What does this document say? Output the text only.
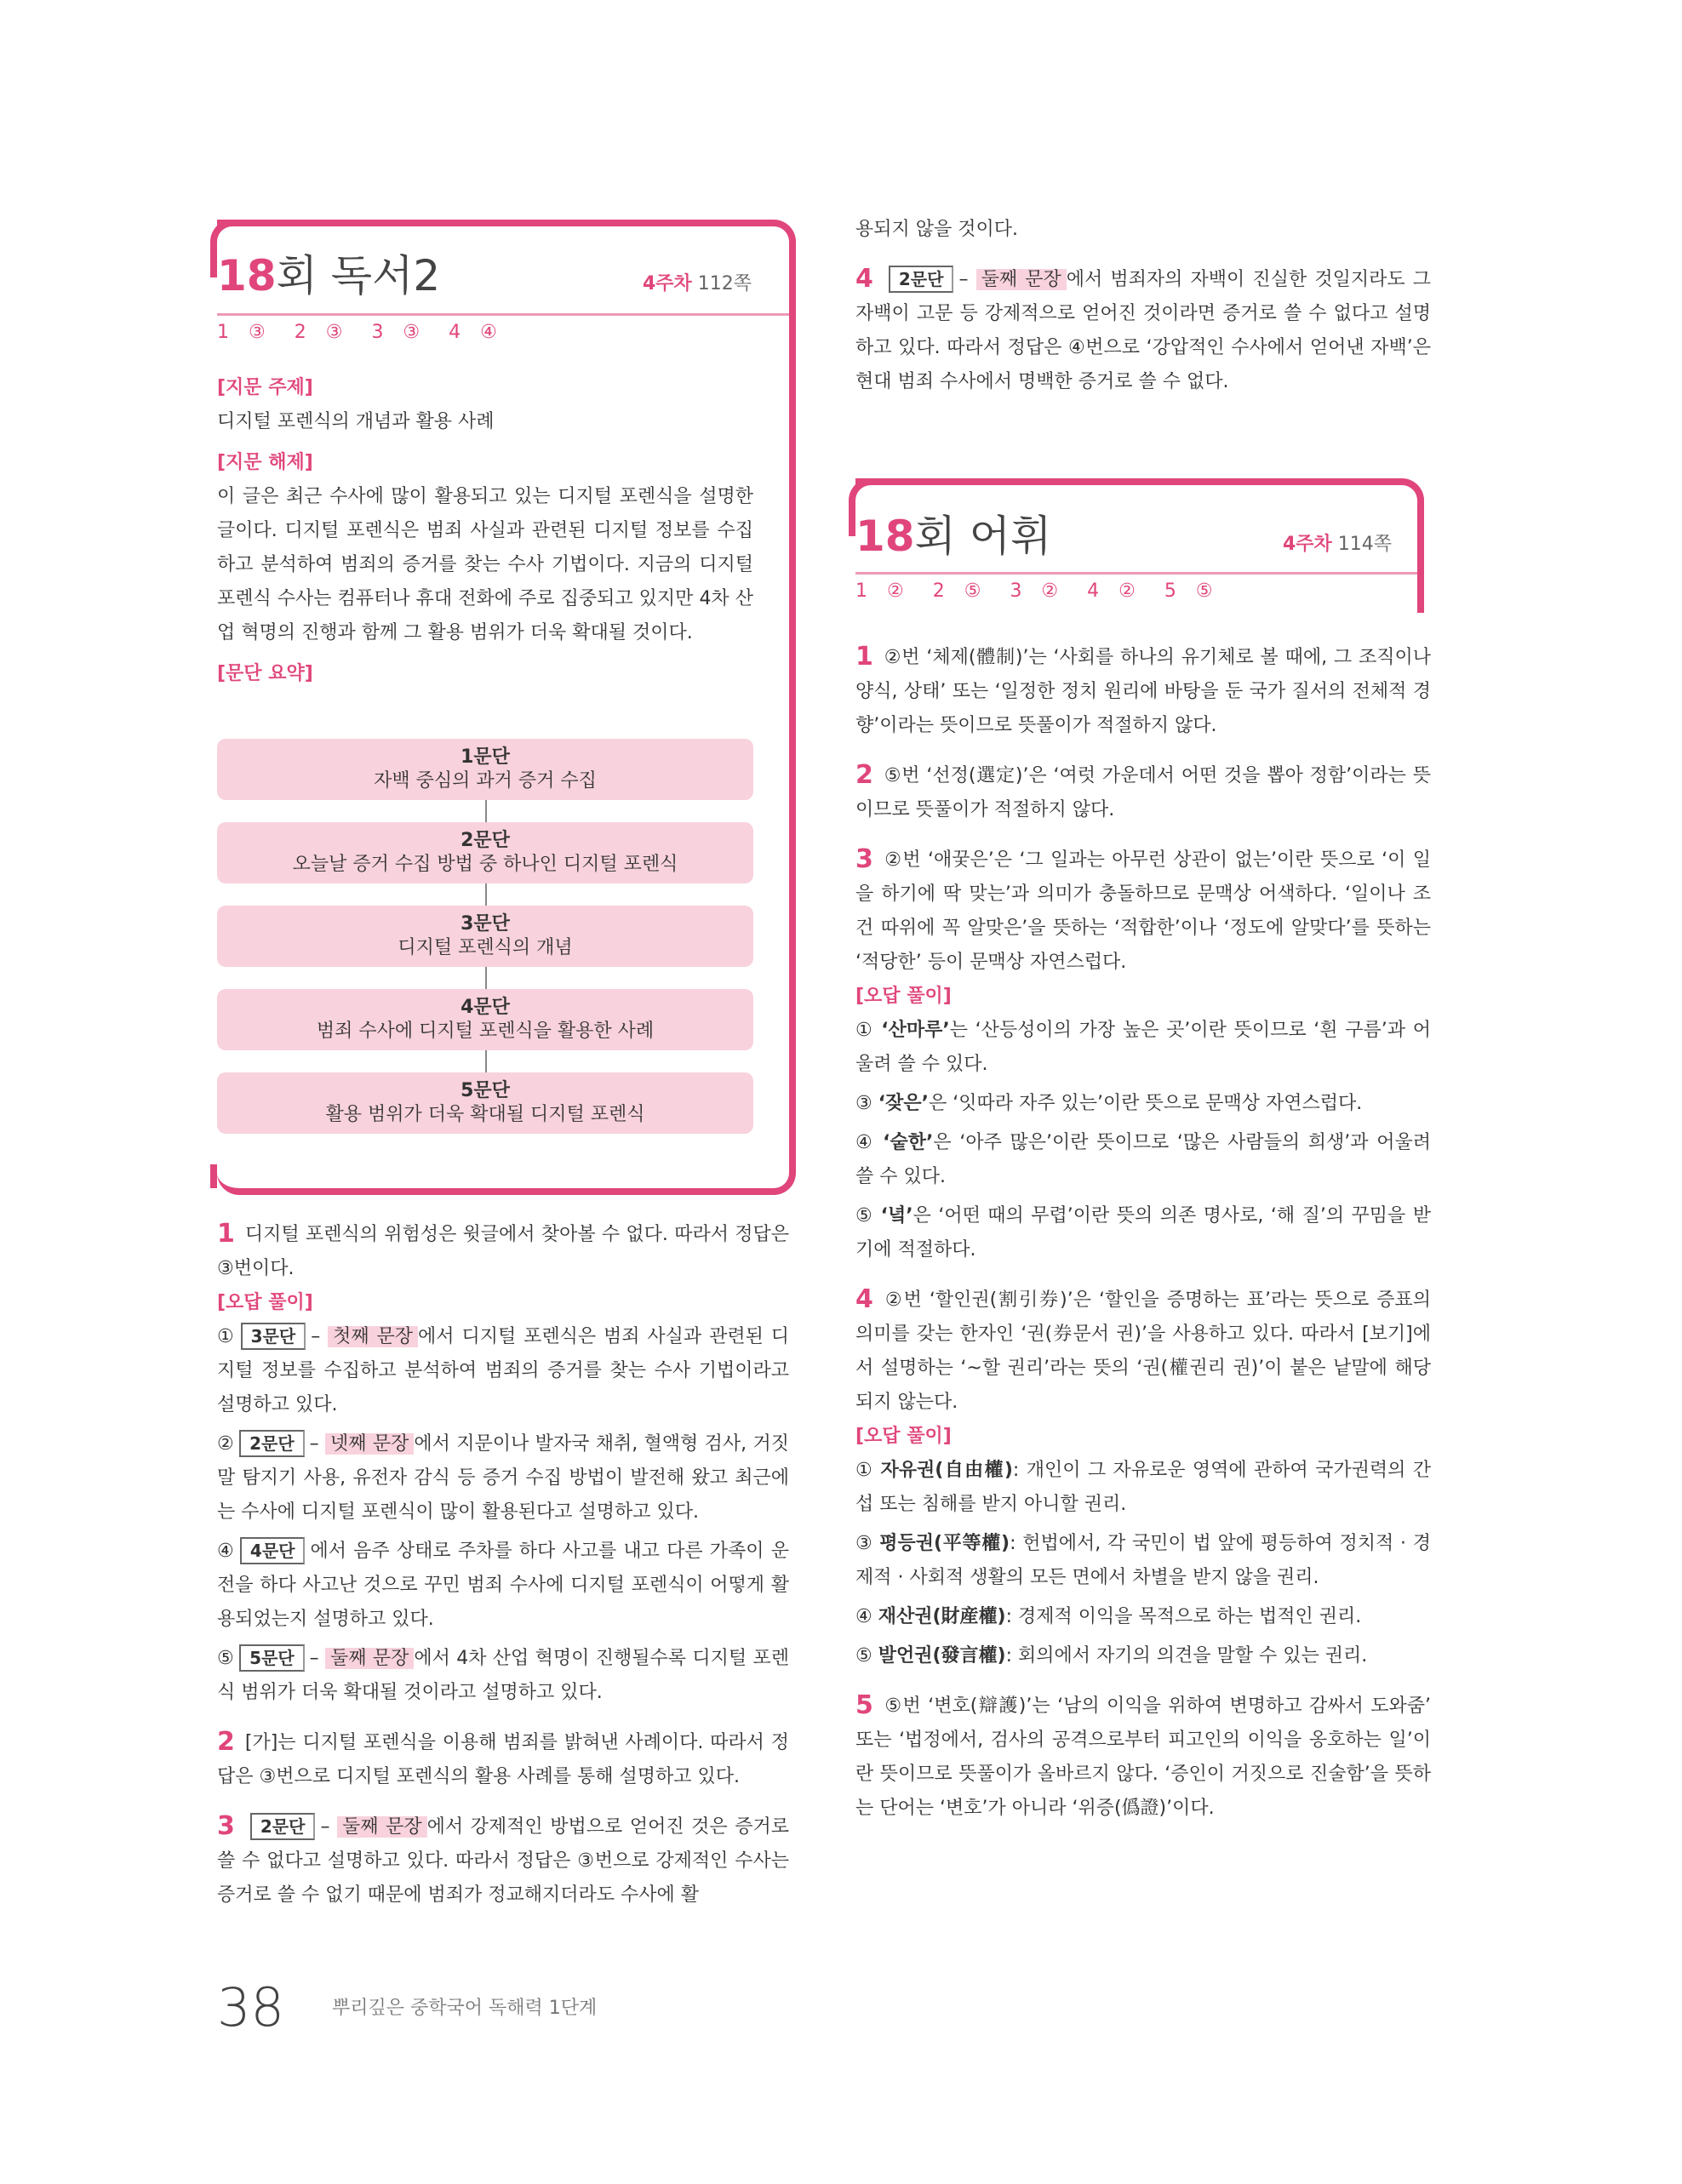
18회 독서2	4주차 112쪽
1 ③ 2 ③ 3 ③ 4 ④
[지문 주제]

디지털 포렌식의 개념과 활용 사례

[지문 해제]

이 글은 최근 수사에 많이 활용되고 있는 디지털 포렌식을 설명한 글이다. 디지털 포렌식은 범죄 사실과 관련된 디지털 정보를 수집하고 분석하여 범죄의 증거를 찾는 수사 기법이다. 지금의 디지털 포렌식 수사는 컴퓨터나 휴대 전화에 주로 집중되고 있지만 4차 산업 혁명의 진행과 함께 그 활용 범위가 더욱 확대될 것이다.

[문단 요약]
1문단
자백 중심의 과거 증거 수집
2문단
오늘날 증거 수집 방법 중 하나인 디지털 포렌식
3문단
디지털 포렌식의 개념
4문단
범죄 수사에 디지털 포렌식을 활용한 사례
5문단
활용 범위가 더욱 확대될 디지털 포렌식

1 디지털 포렌식의 위험성은 윗글에서 찾아볼 수 없다. 따라서 정답은 ③번이다.

[오답 풀이]

① 3문단 – 첫째 문장 에서 디지털 포렌식은 범죄 사실과 관련된 디지털 정보를 수집하고 분석하여 범죄의 증거를 찾는 수사 기법이라고 설명하고 있다.

② 2문단 – 넷째 문장 에서 지문이나 발자국 채취, 혈액형 검사, 거짓말 탐지기 사용, 유전자 감식 등 증거 수집 방법이 발전해 왔고 최근에는 수사에 디지털 포렌식이 많이 활용된다고 설명하고 있다.

④ 4문단 에서 음주 상태로 주차를 하다 사고를 내고 다른 가족이 운전을 하다 사고난 것으로 꾸민 범죄 수사에 디지털 포렌식이 어떻게 활용되었는지 설명하고 있다.

⑤ 5문단 – 둘째 문장 에서 4차 산업 혁명이 진행될수록 디지털 포렌식 범위가 더욱 확대될 것이라고 설명하고 있다.

2 [가]는 디지털 포렌식을 이용해 범죄를 밝혀낸 사례이다. 따라서 정답은 ③번으로 디지털 포렌식의 활용 사례를 통해 설명하고 있다.

3 2문단 – 둘째 문장 에서 강제적인 방법으로 얻어진 것은 증거로 쓸 수 없다고 설명하고 있다. 따라서 정답은 ③번으로 강제적인 수사는 증거로 쓸 수 없기 때문에 범죄가 정교해지더라도 수사에 활

용되지 않을 것이다.

4 2문단 – 둘째 문장 에서 범죄자의 자백이 진실한 것일지라도 그 자백이 고문 등 강제적으로 얻어진 것이라면 증거로 쓸 수 없다고 설명하고 있다. 따라서 정답은 ④번으로 ‘강압적인 수사에서 얻어낸 자백’은 현대 범죄 수사에서 명백한 증거로 쓸 수 없다.

18회 어휘	4주차 114쪽
1 ② 2 ⑤ 3 ② 4 ② 5 ⑤

1 ②번 ‘체제(體制)’는 ‘사회를 하나의 유기체로 볼 때에, 그 조직이나 양식, 상태’ 또는 ‘일정한 정치 원리에 바탕을 둔 국가 질서의 전체적 경향’이라는 뜻이므로 뜻풀이가 적절하지 않다.

2 ⑤번 ‘선정(選定)’은 ‘여럿 가운데서 어떤 것을 뽑아 정함’이라는 뜻이므로 뜻풀이가 적절하지 않다.

3 ②번 ‘애꿎은’은 ‘그 일과는 아무런 상관이 없는’이란 뜻으로 ‘이 일을 하기에 딱 맞는’과 의미가 충돌하므로 문맥상 어색하다. ‘일이나 조건 따위에 꼭 알맞은’을 뜻하는 ‘적합한’이나 ‘정도에 알맞다’를 뜻하는 ‘적당한’ 등이 문맥상 자연스럽다.

[오답 풀이]

① ‘산마루’는 ‘산등성이의 가장 높은 곳’이란 뜻이므로 ‘흰 구름’과 어울려 쓸 수 있다.

③ ‘잦은’은 ‘잇따라 자주 있는’이란 뜻으로 문맥상 자연스럽다.

④ ‘숱한’은 ‘아주 많은’이란 뜻이므로 ‘많은 사람들의 희생’과 어울려 쓸 수 있다.

⑤ ‘녘’은 ‘어떤 때의 무렵’이란 뜻의 의존 명사로, ‘해 질’의 꾸밈을 받기에 적절하다.

4 ②번 ‘할인권(割引券)’은 ‘할인을 증명하는 표’라는 뜻으로 증표의 의미를 갖는 한자인 ‘권(券문서 권)’을 사용하고 있다. 따라서 [보기]에서 설명하는 ‘~할 권리’라는 뜻의 ‘권(權권리 권)’이 붙은 낱말에 해당되지 않는다.

[오답 풀이]

① 자유권(自由權): 개인이 그 자유로운 영역에 관하여 국가권력의 간섭 또는 침해를 받지 아니할 권리.

③ 평등권(平等權): 헌법에서, 각 국민이 법 앞에 평등하여 정치적 · 경제적 · 사회적 생활의 모든 면에서 차별을 받지 않을 권리.

④ 재산권(財産權): 경제적 이익을 목적으로 하는 법적인 권리.

⑤ 발언권(發言權): 회의에서 자기의 의견을 말할 수 있는 권리.

5 ⑤번 ‘변호(辯護)’는 ‘남의 이익을 위하여 변명하고 감싸서 도와줌’ 또는 ‘법정에서, 검사의 공격으로부터 피고인의 이익을 옹호하는 일’이란 뜻이므로 뜻풀이가 올바르지 않다. ‘증인이 거짓으로 진술함’을 뜻하는 단어는 ‘변호’가 아니라 ‘위증(僞證)’이다.

38	뿌리깊은 중학국어 독해력 1단계
